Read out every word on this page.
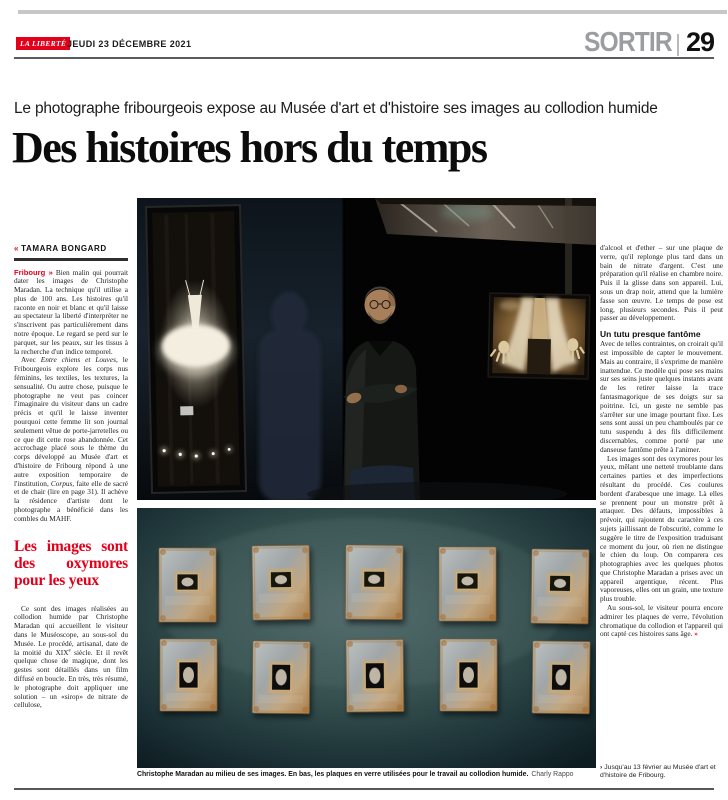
LA LIBERTÉ JEUDI 23 DÉCEMBRE 2021	SORTIR 29
Le photographe fribourgeois expose au Musée d'art et d'histoire ses images au collodion humide
Des histoires hors du temps
« TAMARA BONGARD

Fribourg » Bien malin qui pourrait dater les images de Christophe Maradan. La technique qu'il utilise a plus de 100 ans. Les histoires qu'il raconte en noir et blanc et qu'il laisse au spectateur la liberté d'interpréter ne s'inscrivent pas particulièrement dans notre époque. Le regard se perd sur le parquet, sur les peaux, sur les tissus à la recherche d'un indice temporel.

Avec Entre chiens et Louves, le Fribourgeois explore les corps nus féminins, les textiles, les textures, la sensualité. Ou autre chose, puisque le photographe ne veut pas coincer l'imaginaire du visiteur dans un cadre précis et qu'il le laisse inventer pourquoi cette femme lit son journal seulement vêtue de porte-jarretelles ou ce que dit cette rose abandonnée. Cet accrochage placé sous le thème du corps développé au Musée d'art et d'histoire de Fribourg répond à une autre exposition temporaire de l'institution, Corpus, faite elle de sacré et de chair (lire en page 31). Il achève la résidence d'artiste dont le photographe a bénéficié dans les combles du MAHF.

Les images sont des oxymores pour les yeux

Ce sont des images réalisées au collodion humide par Christophe Maradan qui accueillent le visiteur dans le Muséoscope, au sous-sol du Musée. Le procédé, artisanal, date de la moitié du XIXe siècle. Et il revêt quelque chose de magique, dont les gestes sont détaillés dans un film diffusé en boucle. En très, très résumé, le photographe doit appliquer une solution – un «sirop» de nitrate de cellulose,

d'alcool et d'ether – sur une plaque de verre, qu'il replonge plus tard dans un bain de nitrate d'argent. C'est une préparation qu'il réalise en chambre noire. Puis il la glisse dans son appareil. Lui, sous un drap noir, attend que la lumière fasse son œuvre. Le temps de pose est long, plusieurs secondes. Puis il peut passer au développement.

Un tutu presque fantôme

Avec de telles contraintes, on croirait qu'il est impossible de capter le mouvement. Mais au contraire, il s'exprime de manière inattendue. Ce modèle qui pose ses mains sur ses seins juste quelques instants avant de les retirer laisse la trace fantasmagorique de ses doigts sur sa poitrine. Ici, un geste ne semble pas s'arrêter sur une image pourtant fixe. Les sens sont aussi un peu chamboulés par ce tutu suspendu à des fils difficilement discernables, comme porté par une danseuse fantôme prête à l'animer.

Les images sont des oxymores pour les yeux, mêlant une netteté troublante dans certaines parties et des imperfections résultant du procédé. Ces coulures bordent d'arabesque une image. Là elles se prennent pour un monstre prêt à attaquer. Des défauts, impossibles à prévoir, qui rajoutent du caractère à ces sujets jaillissant de l'obscurité, comme le suggère le titre de l'exposition traduisant ce moment du jour, où rien ne distingue le chien du loup. On comparera ces photographies avec les quelques photos que Christophe Maradan a prises avec un appareil argentique, récent. Plus vaporeuses, elles ont un grain, une texture plus trouble.

Au sous-sol, le visiteur pourra encore admirer les plaques de verre, l'évolution chromatique du collodion et l'appareil qui ont capté ces histoires sans âge. »

Christophe Maradan au milieu de ses images. En bas, les plaques en verre utilisées pour le travail au collodion humide. Charly Rappo
› Jusqu'au 13 février au Musée d'art et d'histoire de Fribourg.
